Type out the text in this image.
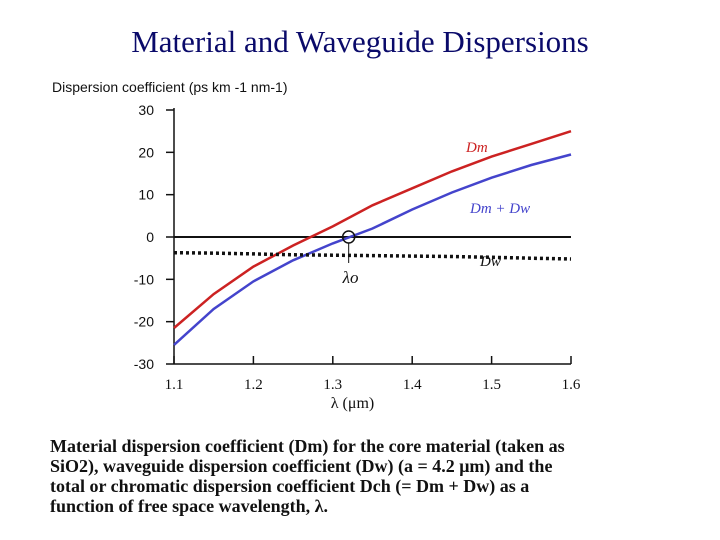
Material and Waveguide Dispersions
Dispersion coefficient (ps km -1 nm-1)
30
20
10
0
-10
-20
-30
1.1	1.2	1.3	1.4	1.5	1.6
λ (μm)
Dm
Dm + Dw
Dw
λo

Material dispersion coefficient (Dm) for the core material (taken as

SiO2), waveguide dispersion coefficient (Dw) (a = 4.2 μm) and the

total or chromatic dispersion coefficient Dch (= Dm + Dw) as a

function of free space wavelength, λ.
